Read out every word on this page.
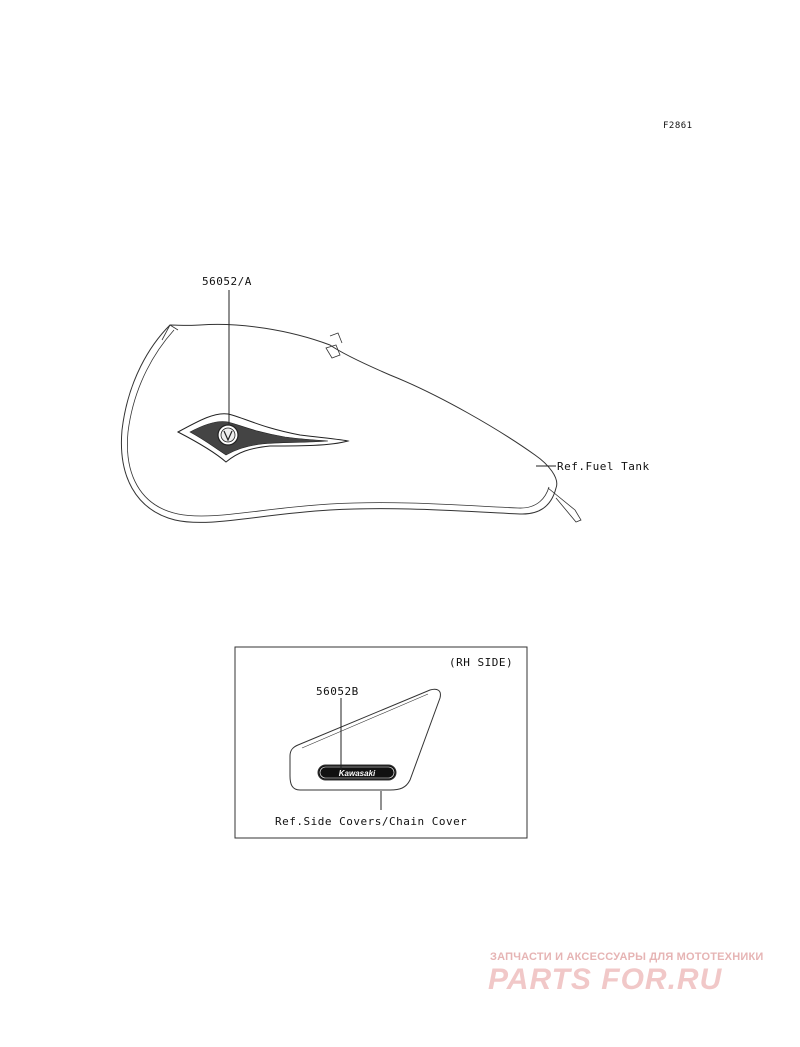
Kawasaki
F2861
56052/A
Ref.Fuel Tank
(RH SIDE)
56052B
Ref.Side Covers/Chain Cover
ЗАПЧАСТИ И АКСЕССУАРЫ ДЛЯ МОТОТЕХНИКИ
PARTS FOR.RU
